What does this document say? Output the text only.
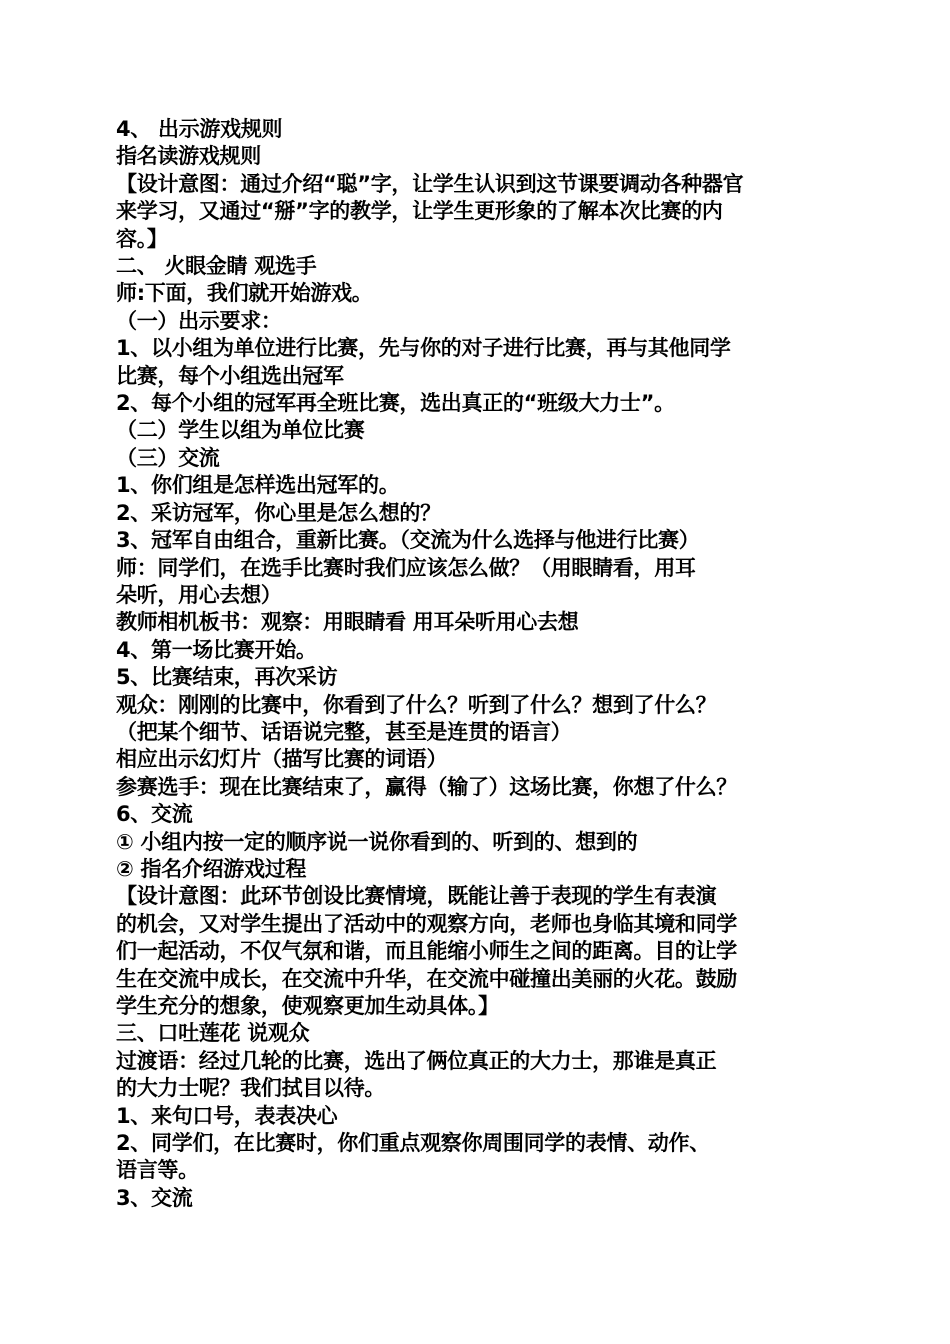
4、 出示游戏规则
指名读游戏规则
【设计意图：通过介绍“聪”字，让学生认识到这节课要调动各种器官
来学习，又通过“掰”字的教学，让学生更形象的了解本次比赛的内
容。】
二、 火眼金睛 观选手
师:下面，我们就开始游戏。
（一）出示要求：
1、以小组为单位进行比赛，先与你的对子进行比赛，再与其他同学
比赛，每个小组选出冠军
2、每个小组的冠军再全班比赛，选出真正的“班级大力士”。
（二）学生以组为单位比赛
（三）交流
1、你们组是怎样选出冠军的。
2、采访冠军，你心里是怎么想的？
3、冠军自由组合，重新比赛。（交流为什么选择与他进行比赛）
师：同学们，在选手比赛时我们应该怎么做？（用眼睛看，用耳
朵听，用心去想）
教师相机板书：观察：用眼睛看 用耳朵听用心去想
4、第一场比赛开始。
5、比赛结束，再次采访
观众：刚刚的比赛中，你看到了什么？听到了什么？想到了什么？
（把某个细节、话语说完整，甚至是连贯的语言）
相应出示幻灯片（描写比赛的词语）
参赛选手：现在比赛结束了，赢得（输了）这场比赛，你想了什么？
6、交流
① 小组内按一定的顺序说一说你看到的、听到的、想到的
② 指名介绍游戏过程
【设计意图：此环节创设比赛情境，既能让善于表现的学生有表演
的机会，又对学生提出了活动中的观察方向，老师也身临其境和同学
们一起活动，不仅气氛和谐，而且能缩小师生之间的距离。目的让学
生在交流中成长，在交流中升华，在交流中碰撞出美丽的火花。鼓励
学生充分的想象，使观察更加生动具体。】
三、口吐莲花 说观众
过渡语：经过几轮的比赛，选出了俩位真正的大力士，那谁是真正
的大力士呢？我们拭目以待。
1、来句口号，表表决心
2、同学们，在比赛时，你们重点观察你周围同学的表情、动作、
语言等。
3、交流
